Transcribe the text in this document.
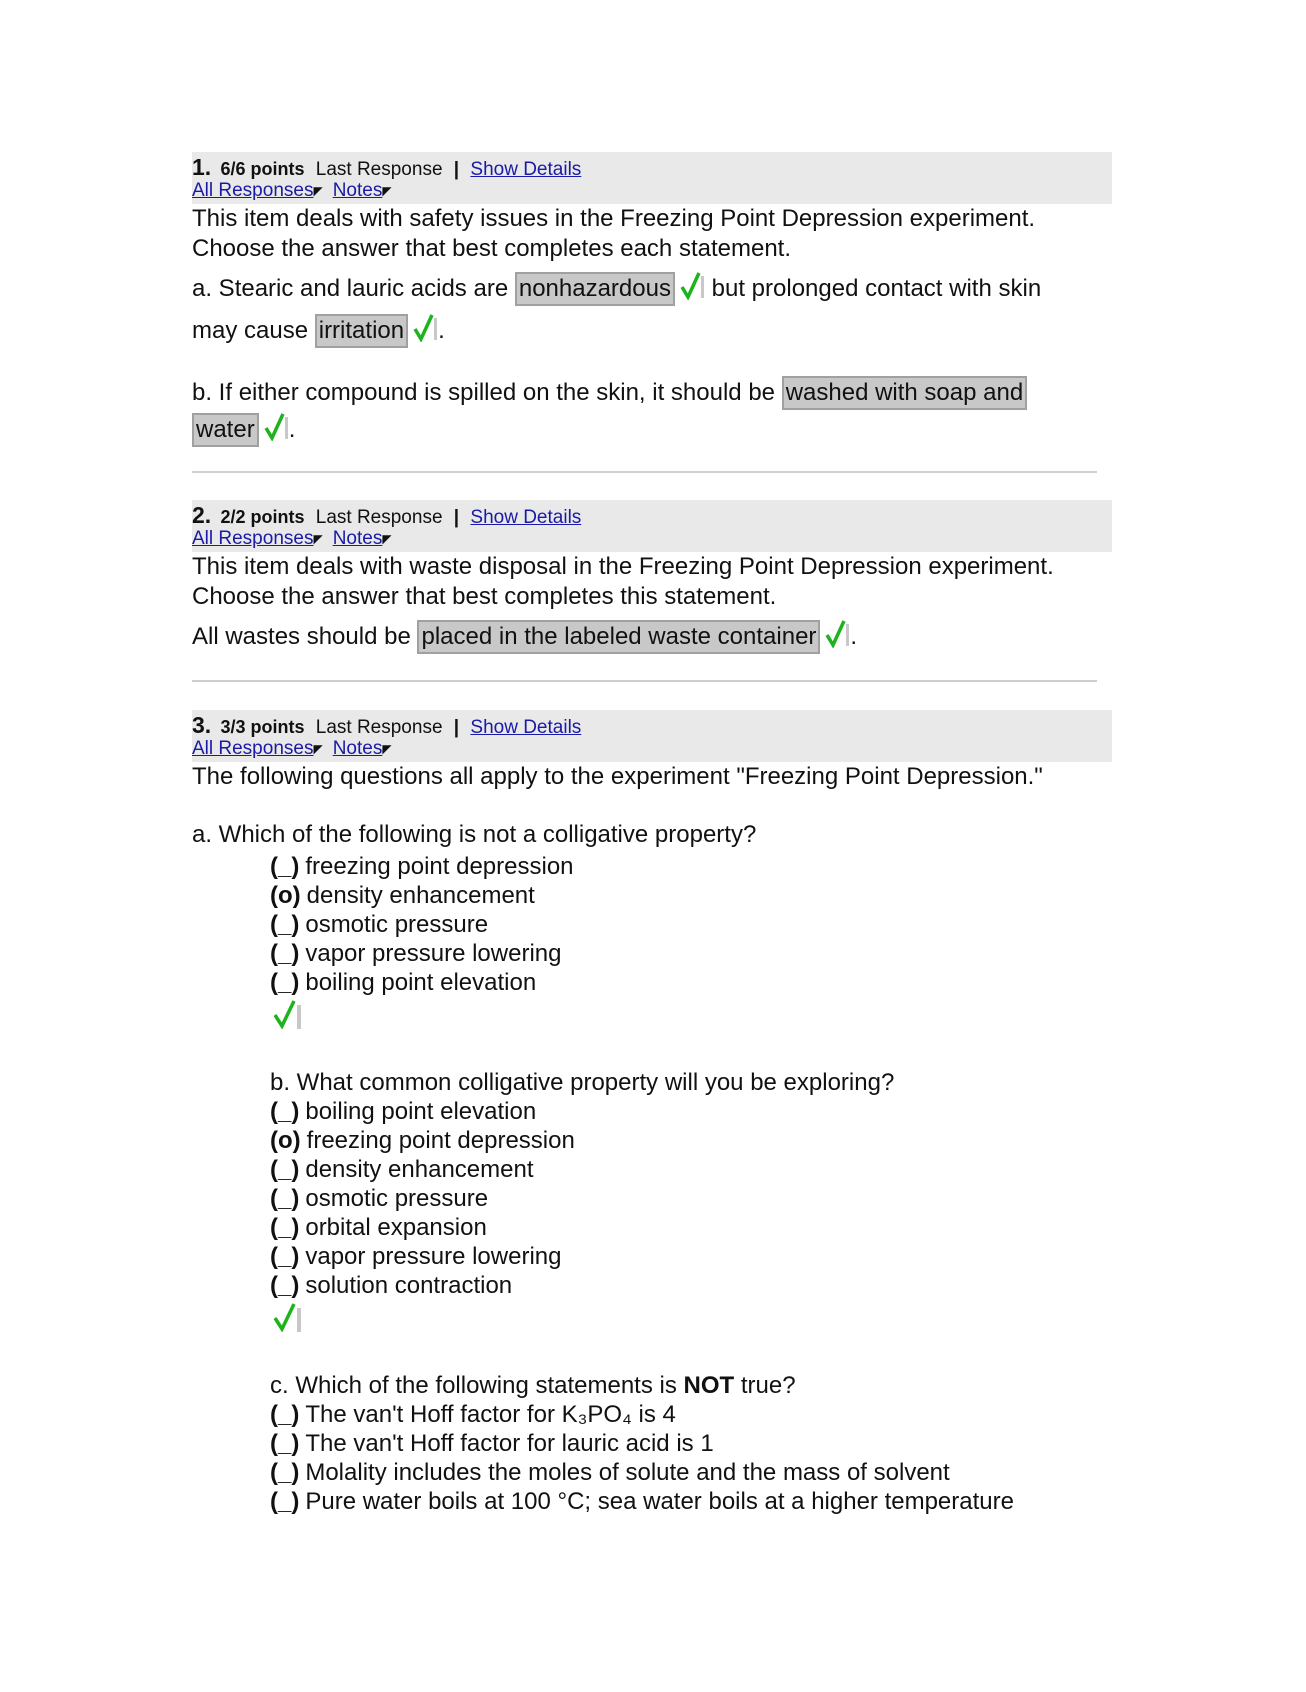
1. 6/6 points Last Response | Show Details
All Responses◤ Notes◤
This item deals with safety issues in the Freezing Point Depression experiment.
Choose the answer that best completes each statement.
a. Stearic and lauric acids are nonhazardous but prolonged contact with skin
may cause irritation .
b. If either compound is spilled on the skin, it should be washed with soap and
water .
2. 2/2 points Last Response | Show Details
All Responses◤ Notes◤
This item deals with waste disposal in the Freezing Point Depression experiment.
Choose the answer that best completes this statement.
All wastes should be placed in the labeled waste container .
3. 3/3 points Last Response | Show Details
All Responses◤ Notes◤
The following questions all apply to the experiment "Freezing Point Depression."
a. Which of the following is not a colligative property?
(_) freezing point depression
(o) density enhancement
(_) osmotic pressure
(_) vapor pressure lowering
(_) boiling point elevation
b. What common colligative property will you be exploring?
(_) boiling point elevation
(o) freezing point depression
(_) density enhancement
(_) osmotic pressure
(_) orbital expansion
(_) vapor pressure lowering
(_) solution contraction
c. Which of the following statements is NOT true?
(_) The van't Hoff factor for K₃PO₄ is 4
(_) The van't Hoff factor for lauric acid is 1
(_) Molality includes the moles of solute and the mass of solvent
(_) Pure water boils at 100 °C; sea water boils at a higher temperature
